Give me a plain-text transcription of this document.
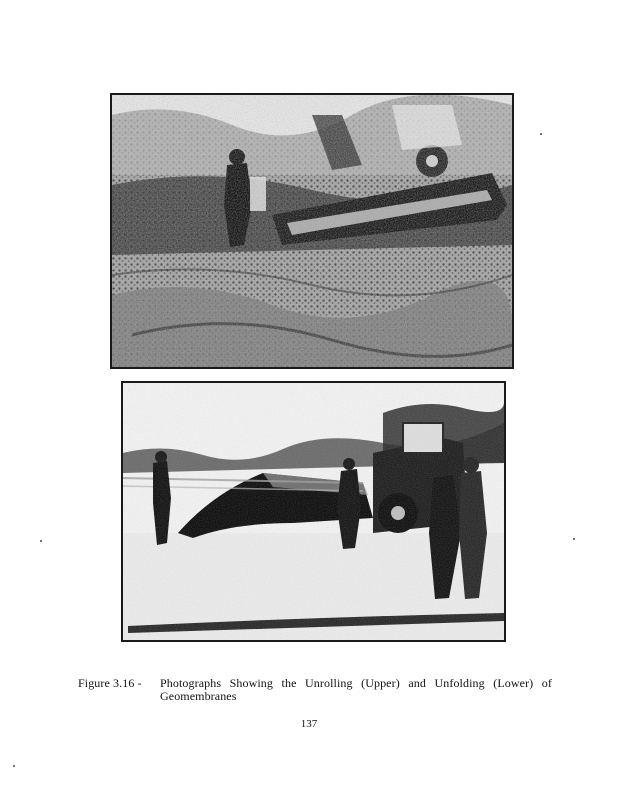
Figure 3.16 -	Photographs Showing the Unrolling (Upper) and Unfolding (Lower) of
Geomembranes
137
